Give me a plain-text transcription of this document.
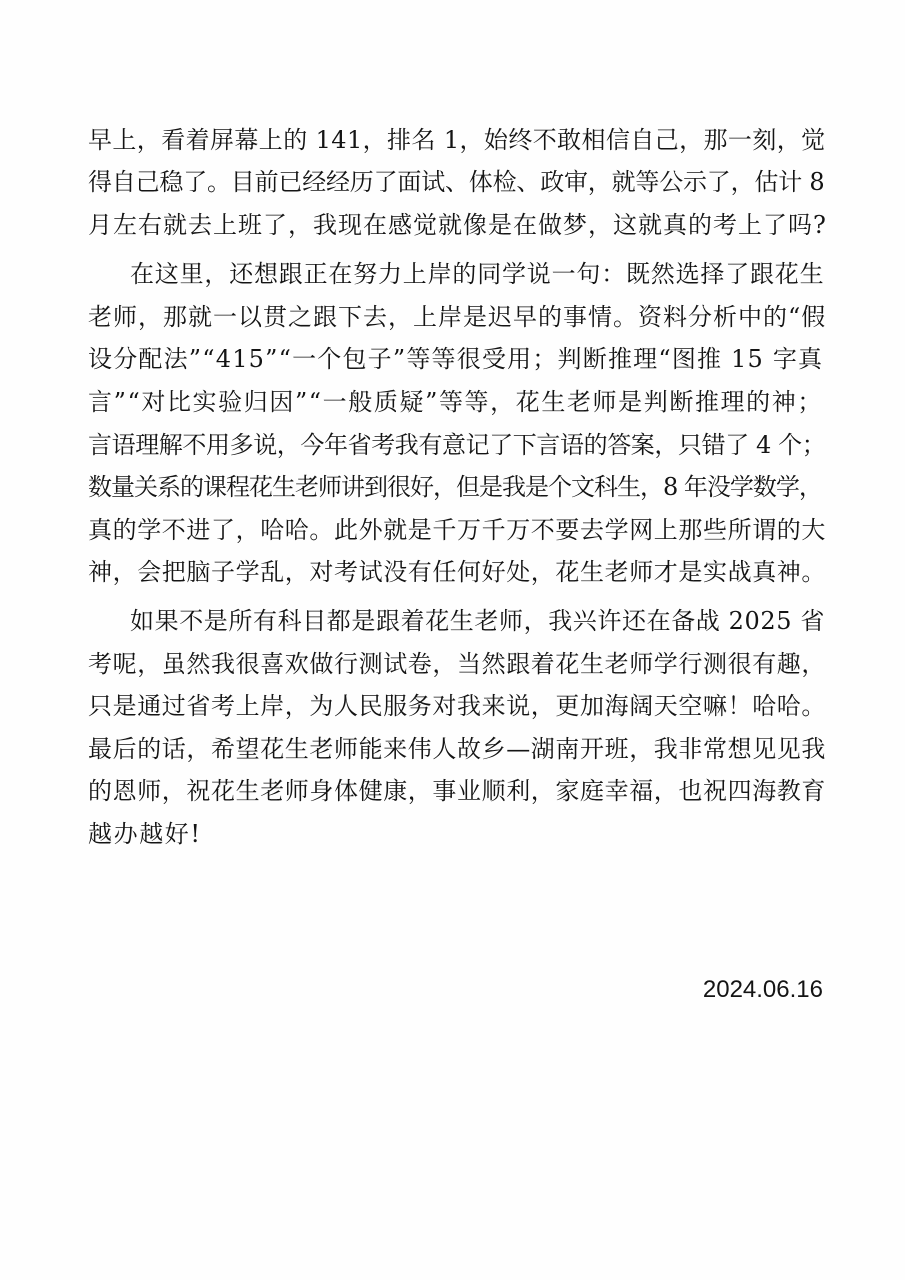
早上，看着屏幕上的 141，排名 1，始终不敢相信自己，那一刻，觉
得自己稳了。目前已经经历了面试、体检、政审，就等公示了，估计 8
月左右就去上班了，我现在感觉就像是在做梦，这就真的考上了吗?
在这里，还想跟正在努力上岸的同学说一句：既然选择了跟花生
老师，那就一以贯之跟下去，上岸是迟早的事情。资料分析中的“假
设分配法”“415”“一个包子”等等很受用；判断推理“图推 15 字真
言”“对比实验归因”“一般质疑”等等，花生老师是判断推理的神；
言语理解不用多说，今年省考我有意记了下言语的答案，只错了 4 个；
数量关系的课程花生老师讲到很好，但是我是个文科生，8 年没学数学，
真的学不进了，哈哈。此外就是千万千万不要去学网上那些所谓的大
神，会把脑子学乱，对考试没有任何好处，花生老师才是实战真神。
如果不是所有科目都是跟着花生老师，我兴许还在备战 2025 省
考呢，虽然我很喜欢做行测试卷，当然跟着花生老师学行测很有趣，
只是通过省考上岸，为人民服务对我来说，更加海阔天空嘛！哈哈。
最后的话，希望花生老师能来伟人故乡—湖南开班，我非常想见见我
的恩师，祝花生老师身体健康，事业顺利，家庭幸福，也祝四海教育
越办越好!
2024.06.16
